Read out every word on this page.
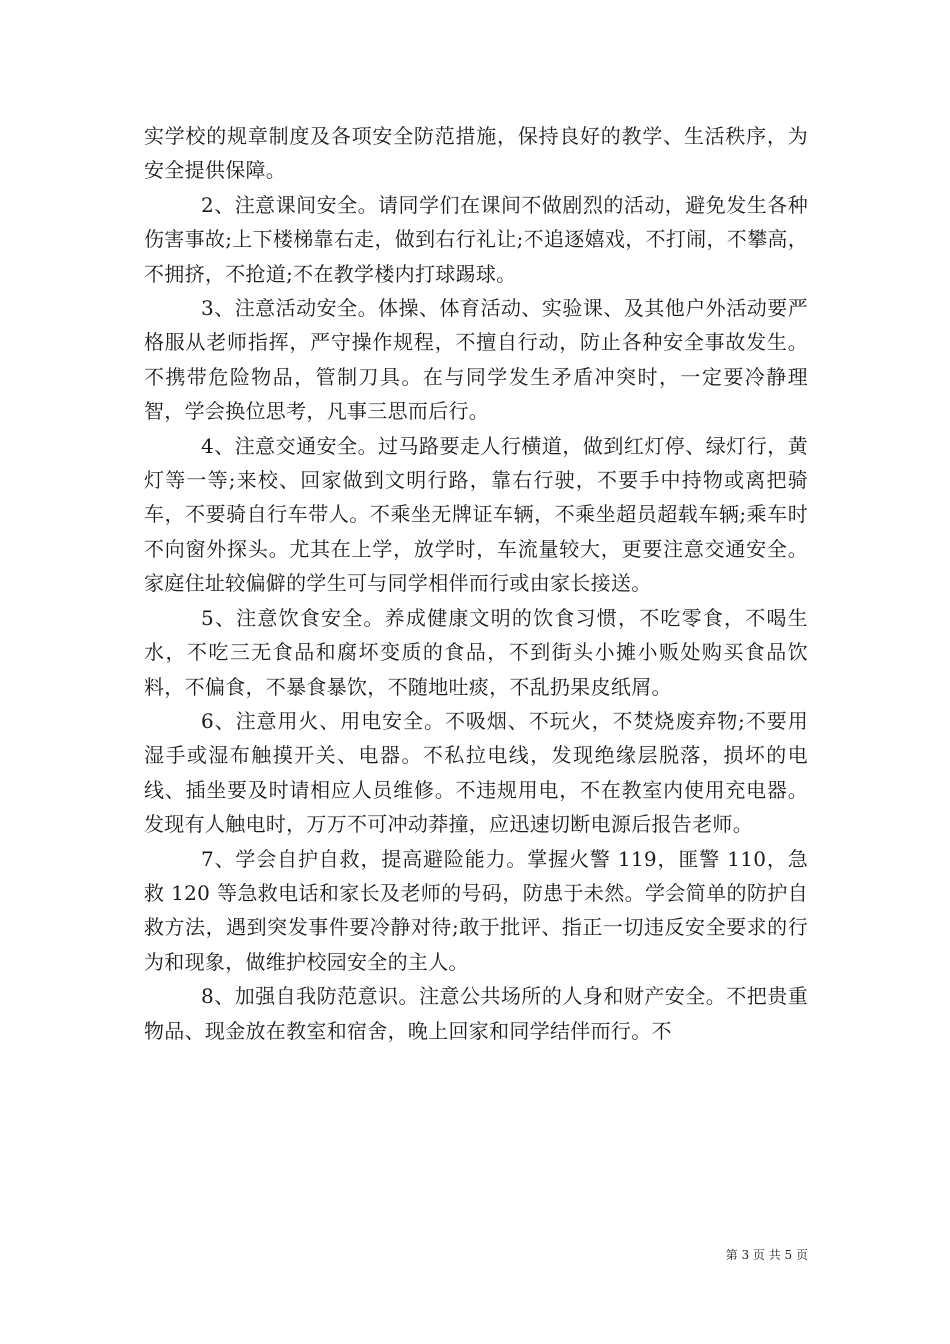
实学校的规章制度及各项安全防范措施，保持良好的教学、生活秩序，为安全提供保障。

2、注意课间安全。请同学们在课间不做剧烈的活动，避免发生各种伤害事故;上下楼梯靠右走，做到右行礼让;不追逐嬉戏，不打闹，不攀高，不拥挤，不抢道;不在教学楼内打球踢球。

3、注意活动安全。体操、体育活动、实验课、及其他户外活动要严格服从老师指挥，严守操作规程，不擅自行动，防止各种安全事故发生。不携带危险物品，管制刀具。在与同学发生矛盾冲突时，一定要冷静理智，学会换位思考，凡事三思而后行。

4、注意交通安全。过马路要走人行横道，做到红灯停、绿灯行，黄灯等一等;来校、回家做到文明行路，靠右行驶，不要手中持物或离把骑车，不要骑自行车带人。不乘坐无牌证车辆，不乘坐超员超载车辆;乘车时不向窗外探头。尤其在上学，放学时，车流量较大，更要注意交通安全。家庭住址较偏僻的学生可与同学相伴而行或由家长接送。

5、注意饮食安全。养成健康文明的饮食习惯，不吃零食，不喝生水，不吃三无食品和腐坏变质的食品，不到街头小摊小贩处购买食品饮料，不偏食，不暴食暴饮，不随地吐痰，不乱扔果皮纸屑。

6、注意用火、用电安全。不吸烟、不玩火，不焚烧废弃物;不要用湿手或湿布触摸开关、电器。不私拉电线，发现绝缘层脱落，损坏的电线、插坐要及时请相应人员维修。不违规用电，不在教室内使用充电器。发现有人触电时，万万不可冲动莽撞，应迅速切断电源后报告老师。

7、学会自护自救，提高避险能力。掌握火警 119，匪警 110，急救 120 等急救电话和家长及老师的号码，防患于未然。学会简单的防护自救方法，遇到突发事件要冷静对待;敢于批评、指正一切违反安全要求的行为和现象，做维护校园安全的主人。

8、加强自我防范意识。注意公共场所的人身和财产安全。不把贵重物品、现金放在教室和宿舍，晚上回家和同学结伴而行。不

第 3 页 共 5 页
